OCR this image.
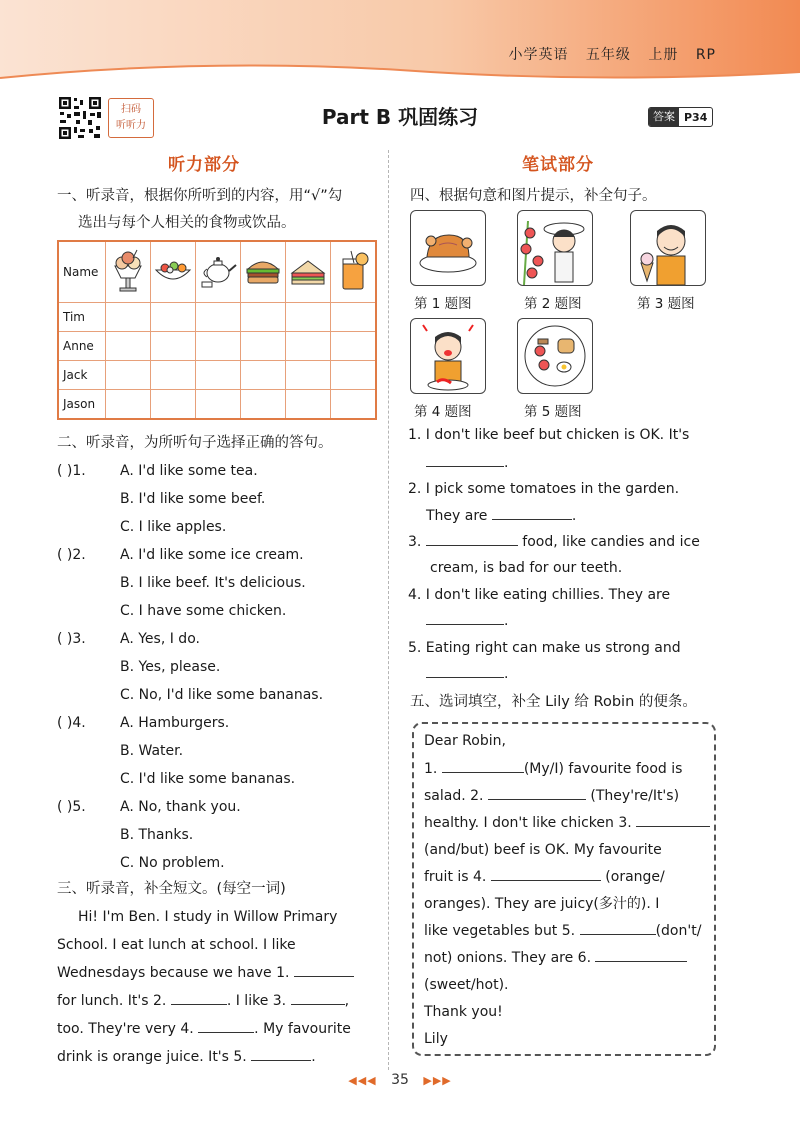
小学英语 五年级 上册 RP
扫码
听听力	Part B 巩固练习	答案 P34
听力部分	笔试部分
一、听录音，根据你所听到的内容，用“√”勾
选出与每个人相关的食物或饮品。
Name						
Tim						
Anne						
Jack						
Jason						
二、听录音，为所听句子选择正确的答句。
( )1. A. I'd like some tea.
B. I'd like some beef.
C. I like apples.
( )2. A. I'd like some ice cream.
B. I like beef. It's delicious.
C. I have some chicken.
( )3. A. Yes, I do.
B. Yes, please.
C. No, I'd like some bananas.
( )4. A. Hamburgers.
B. Water.
C. I'd like some bananas.
( )5. A. No, thank you.
B. Thanks.
C. No problem.
三、听录音，补全短文。(每空一词)
Hi! I'm Ben. I study in Willow Primary
School. I eat lunch at school. I like
Wednesdays because we have 1.
for lunch. It's 2.	. I like 3.	,
too. They're very 4.	. My favourite
drink is orange juice. It's 5.	.
四、根据句意和图片提示，补全句子。
第 1 题图	第 2 题图	第 3 题图
第 4 题图	第 5 题图
1. I don't like beef but chicken is OK. It's
.
2. I pick some tomatoes in the garden.
They are	.
3.	food, like candies and ice
cream, is bad for our teeth.
4. I don't like eating chillies. They are
.
5. Eating right can make us strong and
.
五、选词填空，补全 Lily 给 Robin 的便条。
Dear Robin,
1.	(My/I) favourite food is
salad. 2.	(They're/It's)
healthy. I don't like chicken 3.
(and/but) beef is OK. My favourite
fruit is 4.	(orange/
oranges). They are juicy(多汁的). I
like vegetables but 5.	(don't/
not) onions. They are 6.
(sweet/hot).
Thank you!
Lily
◀◀◀ 35 ▶▶▶
